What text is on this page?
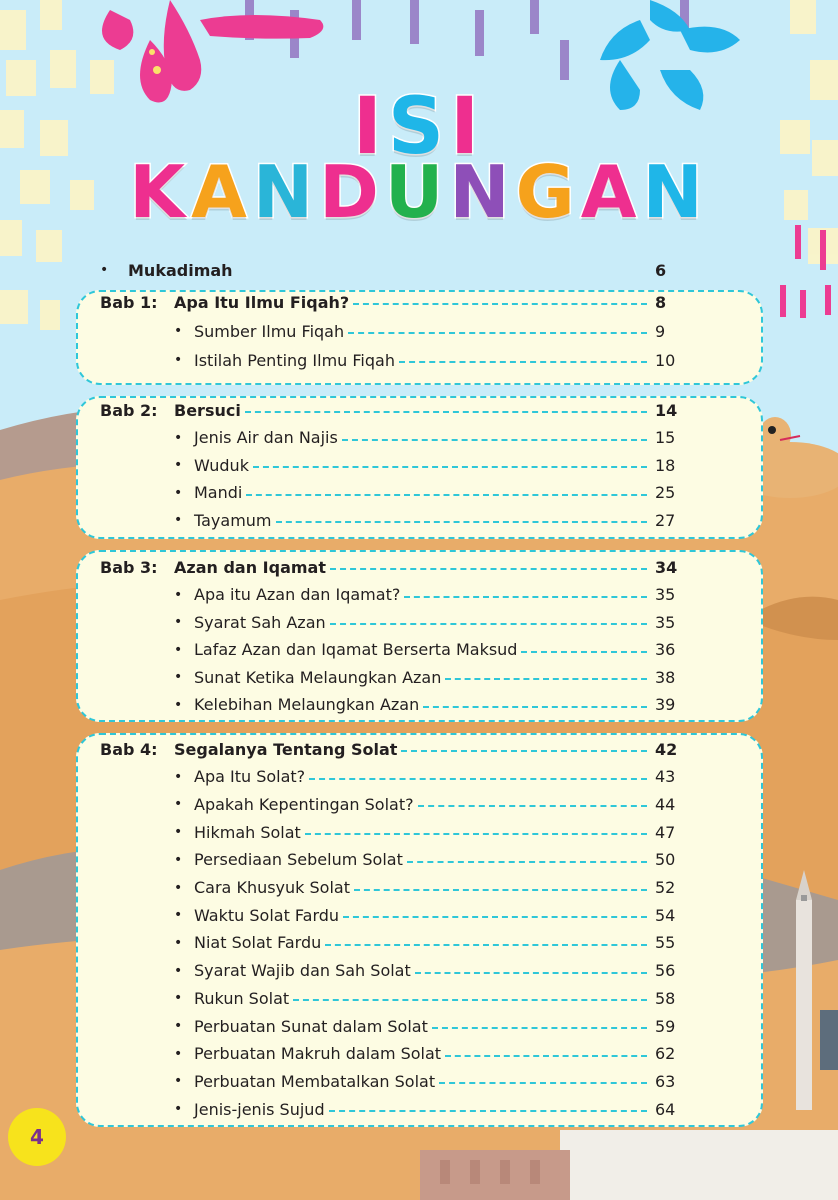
ISI
KANDUNGAN
•	Mukadimah	6
Bab 1:	Apa Itu Ilmu Fiqah?	8
• Sumber Ilmu Fiqah	9
• Istilah Penting Ilmu Fiqah	10
Bab 2:	Bersuci	14
• Jenis Air dan Najis	15
• Wuduk	18
• Mandi	25
• Tayamum	27
Bab 3:	Azan dan Iqamat	34
• Apa itu Azan dan Iqamat?	35
• Syarat Sah Azan	35
• Lafaz Azan dan Iqamat Berserta Maksud	36
• Sunat Ketika Melaungkan Azan	38
• Kelebihan Melaungkan Azan	39
Bab 4:	Segalanya Tentang Solat	42
• Apa Itu Solat?	43
• Apakah Kepentingan Solat?	44
• Hikmah Solat	47
• Persediaan Sebelum Solat	50
• Cara Khusyuk Solat	52
• Waktu Solat Fardu	54
• Niat Solat Fardu	55
• Syarat Wajib dan Sah Solat	56
• Rukun Solat	58
• Perbuatan Sunat dalam Solat	59
• Perbuatan Makruh dalam Solat	62
• Perbuatan Membatalkan Solat	63
• Jenis-jenis Sujud	64
4
